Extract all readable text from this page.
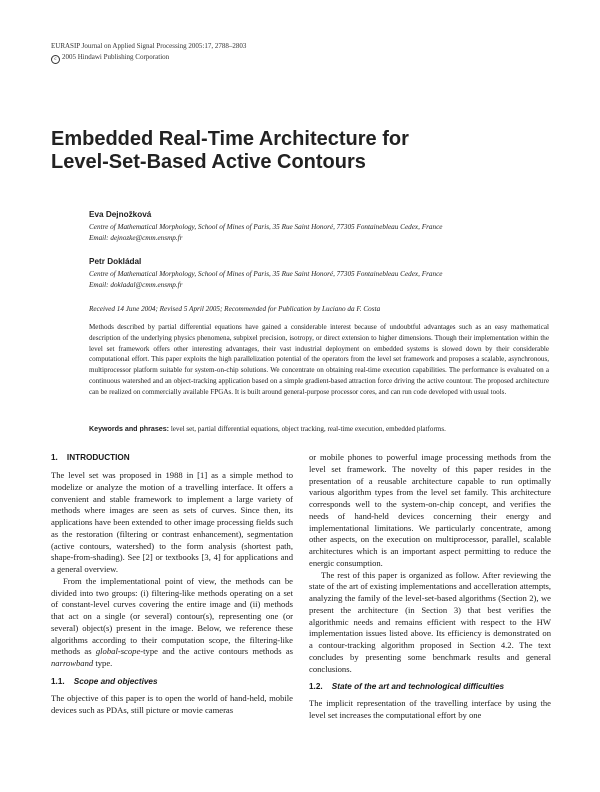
EURASIP Journal on Applied Signal Processing 2005:17, 2788–2803
c 2005 Hindawi Publishing Corporation
Embedded Real-Time Architecture for
Level-Set-Based Active Contours
Eva Dejnožková
Centre of Mathematical Morphology, School of Mines of Paris, 35 Rue Saint Honoré, 77305 Fontainebleau Cedex, France
Email: dejnozke@cmm.ensmp.fr
Petr Dokládal
Centre of Mathematical Morphology, School of Mines of Paris, 35 Rue Saint Honoré, 77305 Fontainebleau Cedex, France
Email: dokladal@cmm.ensmp.fr
Received 14 June 2004; Revised 5 April 2005; Recommended for Publication by Luciano da F. Costa
Methods described by partial differential equations have gained a considerable interest because of undoubtful advantages such as an easy mathematical description of the underlying physics phenomena, subpixel precision, isotropy, or direct extension to higher dimensions. Though their implementation within the level set framework offers other interesting advantages, their vast industrial deployment on embedded systems is slowed down by their considerable computational effort. This paper exploits the high parallelization potential of the operators from the level set framework and proposes a scalable, asynchronous, multiprocessor platform suitable for system-on-chip solutions. We concentrate on obtaining real-time execution capabilities. The performance is evaluated on a continuous watershed and an object-tracking application based on a simple gradient-based attraction force driving the active countour. The proposed architecture can be realized on commercially available FPGAs. It is built around general-purpose processor cores, and can run code developed with usual tools.
Keywords and phrases: level set, partial differential equations, object tracking, real-time execution, embedded platforms.
1.    INTRODUCTION

The level set was proposed in 1988 in [1] as a simple method to modelize or analyze the motion of a travelling interface. It offers a convenient and stable framework to implement a large variety of methods where images are seen as sets of curves. Since then, its applications have been extended to other image processing fields such as the restoration (filtering or contrast enhancement), segmentation (active contours, watershed) to the form analysis (shortest path, shape-from-shading). See [2] or textbooks [3, 4] for applications and a general overview.

From the implementational point of view, the methods can be divided into two groups: (i) filtering-like methods operating on a set of constant-level curves covering the entire image and (ii) methods that act on a single (or several) contour(s), representing one (or several) object(s) present in the image. Below, we reference these algorithms according to their computation scope, the filtering-like methods as global-scope-type and the active contours methods as narrowband type.

1.1. Scope and objectives

The objective of this paper is to open the world of hand-held, mobile devices such as PDAs, still picture or movie cameras

or mobile phones to powerful image processing methods from the level set framework. The novelty of this paper resides in the presentation of a reusable architecture capable to run optimally various algorithm types from the level set family. This architecture corresponds well to the system-on-chip concept, and verifies the needs of hand-held devices concerning their energy and implementational limitations. We particularly concentrate, among other aspects, on the execution on multiprocessor, parallel, scalable architectures which is an important aspect permitting to reduce the energic consumption.

The rest of this paper is organized as follow. After reviewing the state of the art of existing implementations and accelleration attempts, analyzing the family of the level-set-based algorithms (Section 2), we present the architecture (in Section 3) that best verifies the algorithmic needs and remains efficient with respect to the HW implementation issues listed above. Its efficiency is demonstrated on a contour-tracking algorithm proposed in Section 4.2. The text concludes by presenting some benchmark results and general conclusions.

1.2. State of the art and technological difficulties

The implicit representation of the travelling interface by using the level set increases the computational effort by one
